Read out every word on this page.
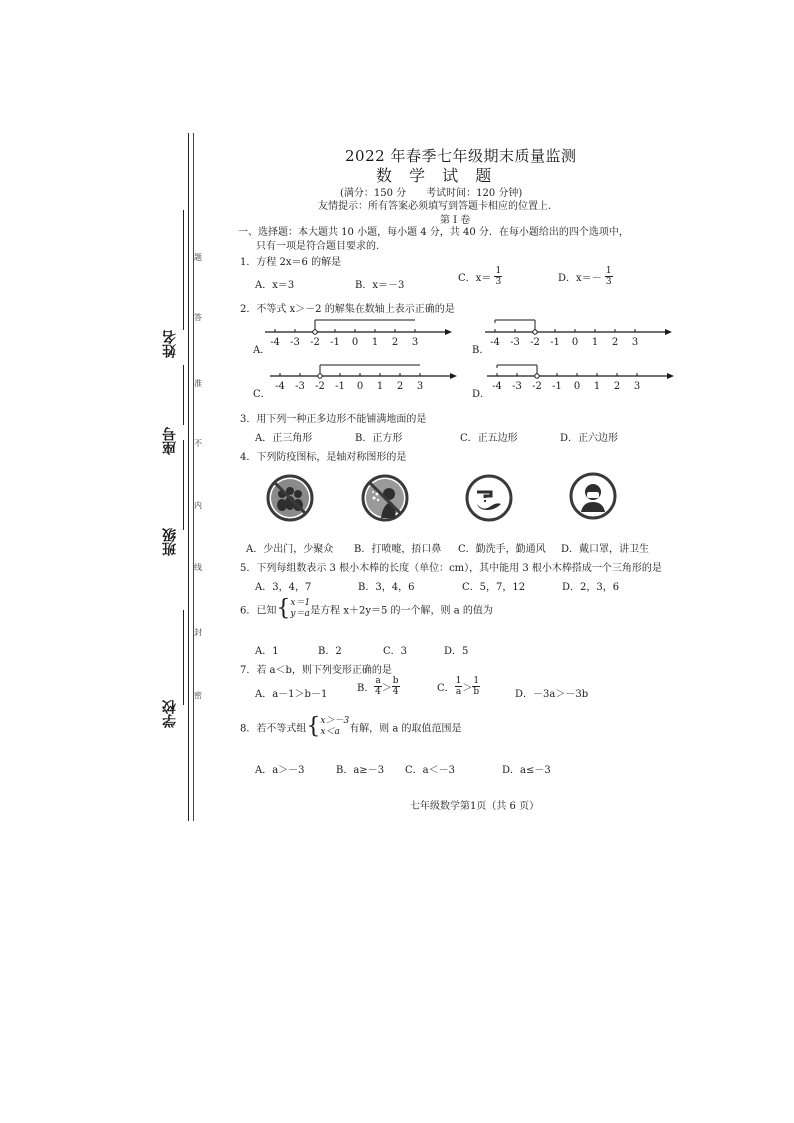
学校
班级
座号
姓名
题
答
准
不
内
线
封
密
2022 年春季七年级期末质量监测
数 学 试 题
(满分：150 分　　考试时间：120 分钟)
友情提示：所有答案必须填写到答题卡相应的位置上.
第 I 卷
一、选择题：本大题共 10 小题，每小题 4 分，共 40 分．在每小题给出的四个选项中，
只有一项是符合题目要求的.
1．方程 2x＝6 的解是
A．x＝3	B．x＝－3
C．$x= \frac{1}{3}$	D．$x=- \frac{1}{3}$
2．不等式 x＞－2 的解集在数轴上表示正确的是
A．	B．
C．	D．
-4 -3 -2 -1 0 1 2 3	-4 -3 -2 -1 0 1 2 3
-4 -3 -2 -1 0 1 2 3	-4 -3 -2 -1 0 1 2 3
3．用下列一种正多边形不能铺满地面的是
A．正三角形	B．正方形	C．正五边形	D．正六边形
4．下列防疫图标，是轴对称图形的是
A．少出门，少聚众 B．打喷嚏，捂口鼻 C．勤洗手，勤通风 D．戴口罩，讲卫生
5．下列每组数表示 3 根小木棒的长度（单位：cm），其中能用 3 根小木棒搭成一个三角形的是
A．3，4，7	B．3，4，6	C．5，7，12	D．2，3，6
6．已知{ x＝1
y＝a 是方程 x＋2y＝5 的一个解，则 a 的值为
A．1	B．2	C．3	D．5
7．若 a＜b，则下列变形正确的是
A．a－1＞b－1
B． $\frac{a}{4} > \frac{b}{4}$	C． $\frac{1}{a} > \frac{1}{b}$	D．－3a＞－3b
8．若不等式组{ x＞－3
x＜a 有解，则 a 的取值范围是
A．a＞－3	B．a≥－3 C．a＜－3	D．a≤－3
七年级数学第1页（共 6 页）
